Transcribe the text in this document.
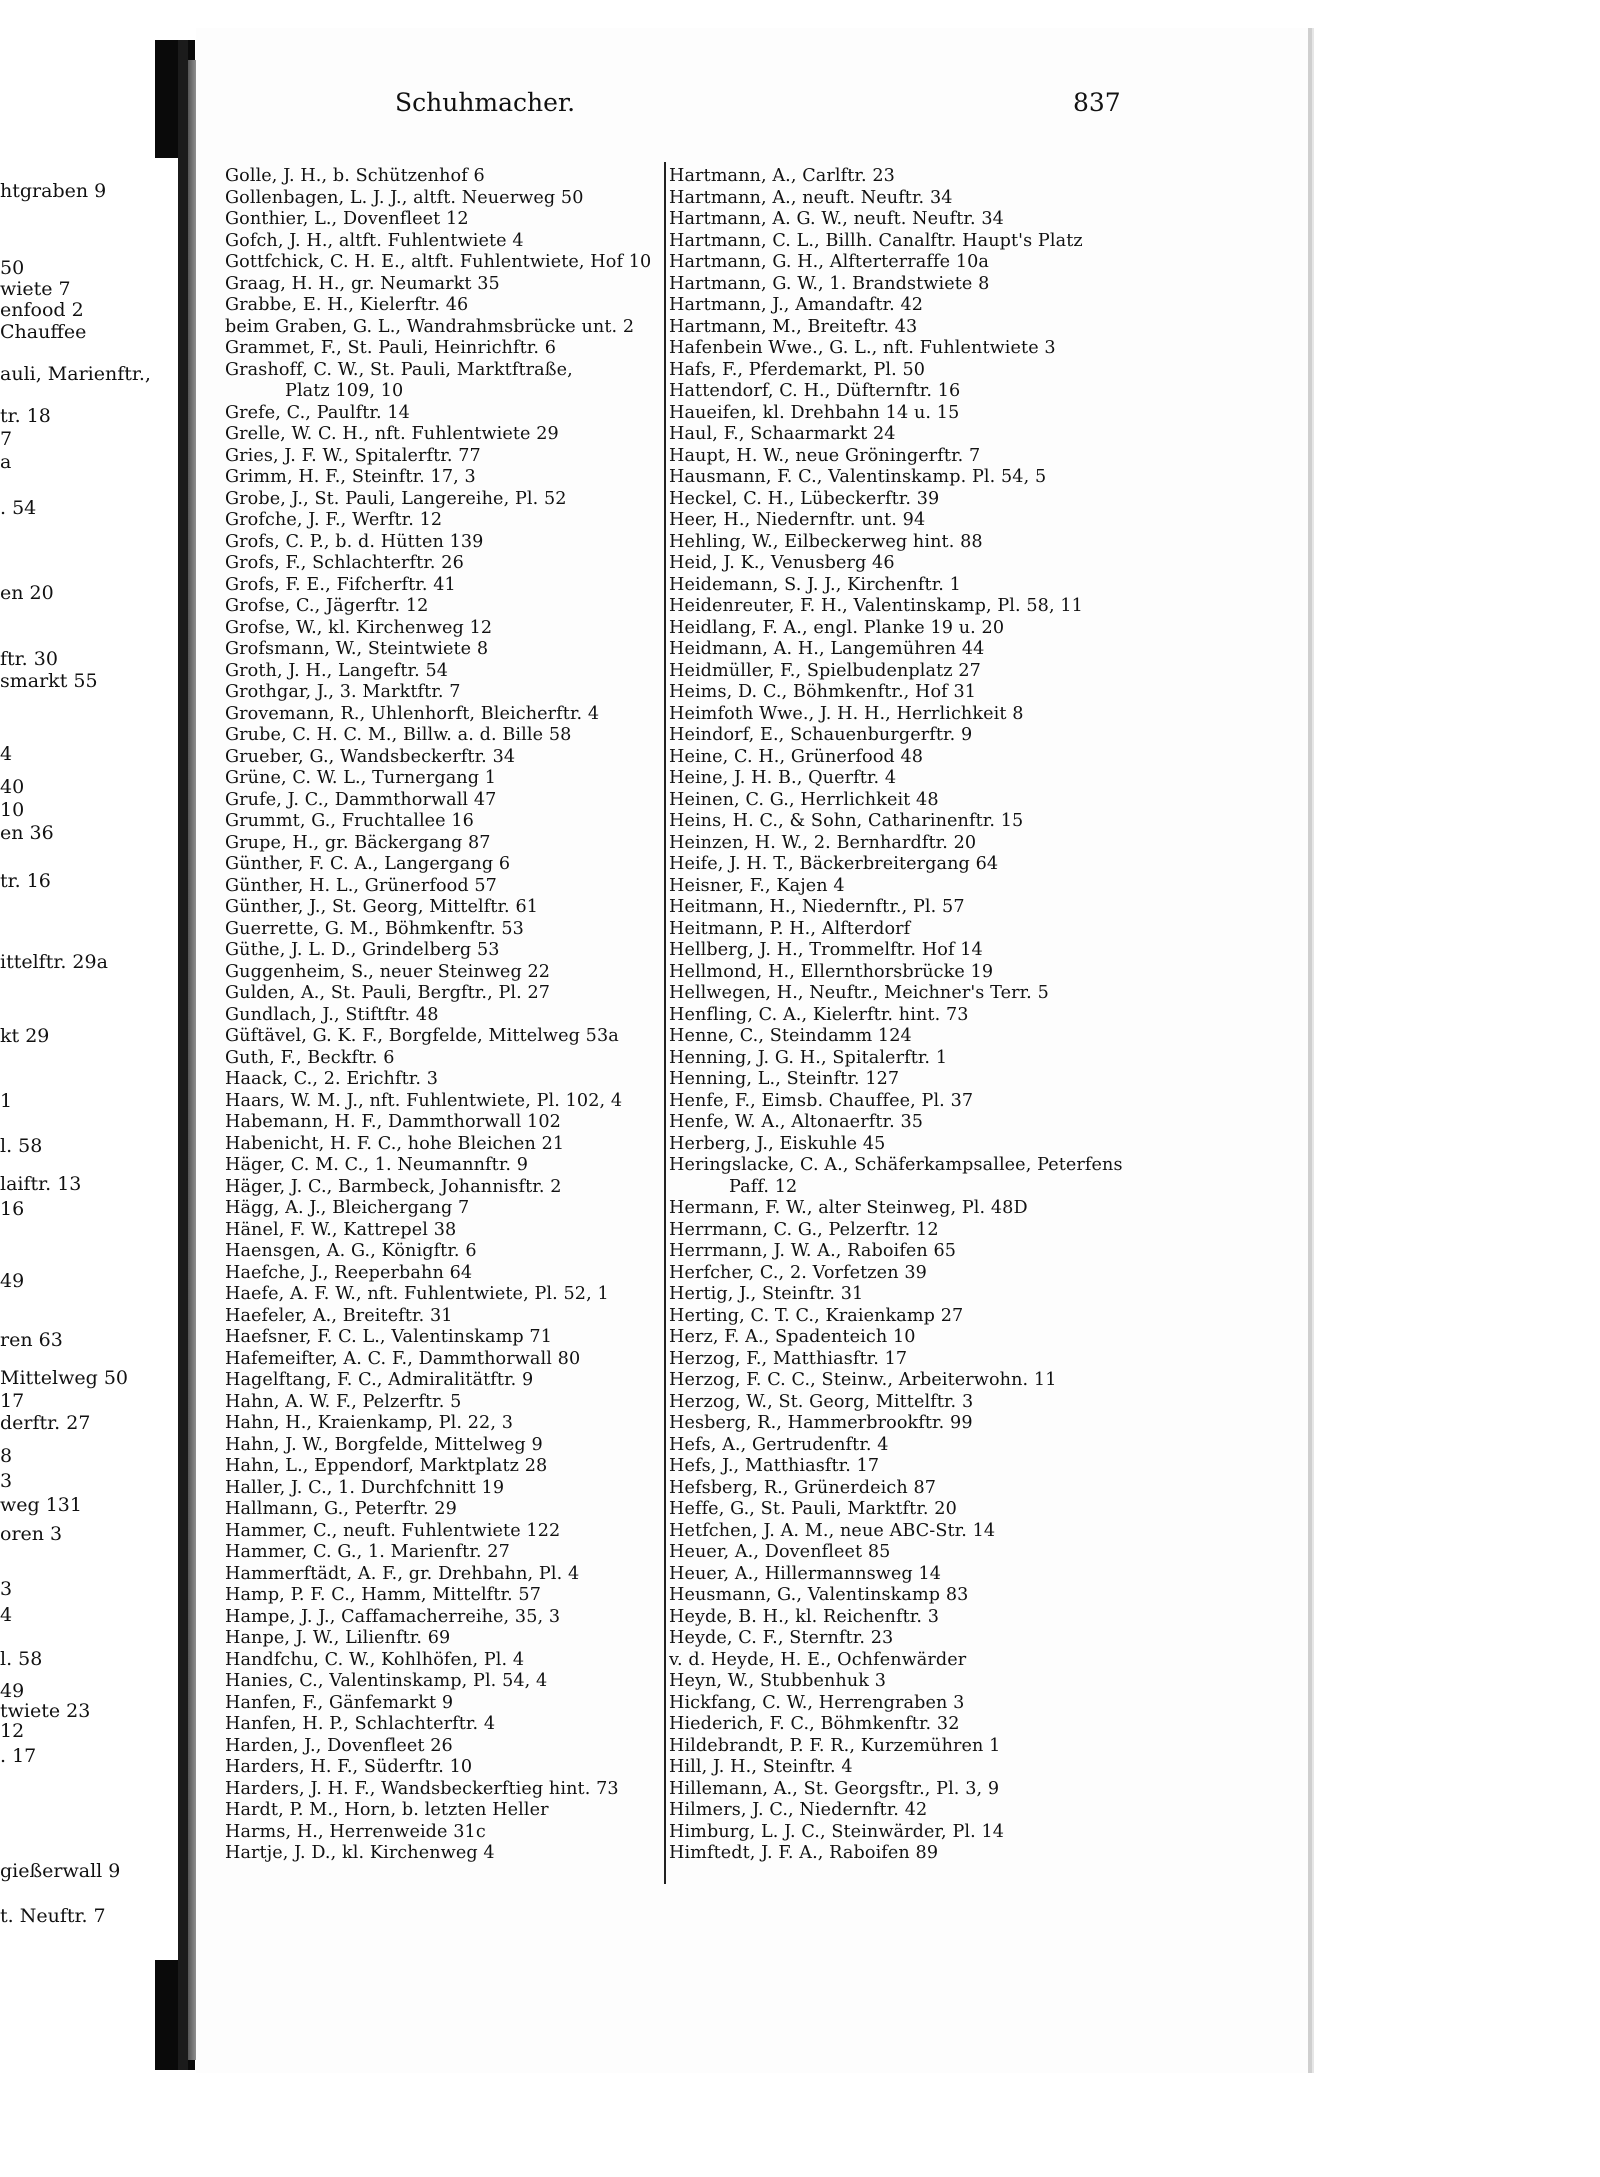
htgraben 9
50
wiete 7
enfood 2
Chauffee
auli, Marienftr.,
tr. 18
7
a
. 54
en 20
ftr. 30
smarkt 55
4
40
10
en 36
tr. 16
ittelftr. 29a
kt 29
1
l. 58
laiftr. 13
16
49
ren 63
Mittelweg 50
17
derftr. 27
8
3
weg 131
oren 3
3
4
l. 58
49
twiete 23
12
. 17
gießerwall 9
t. Neuftr. 7
Schuhmacher.	837
Golle, J. H., b. Schützenhof 6
Gollenbagen, L. J. J., altft. Neuerweg 50
Gonthier, L., Dovenfleet 12
Gofch, J. H., altft. Fuhlentwiete 4
Gottfchick, C. H. E., altft. Fuhlentwiete, Hof 10
Graag, H. H., gr. Neumarkt 35
Grabbe, E. H., Kielerftr. 46
beim Graben, G. L., Wandrahmsbrücke unt. 2
Grammet, F., St. Pauli, Heinrichftr. 6
Grashoff, C. W., St. Pauli, Marktftraße,
Platz 109, 10
Grefe, C., Paulftr. 14
Grelle, W. C. H., nft. Fuhlentwiete 29
Gries, J. F. W., Spitalerftr. 77
Grimm, H. F., Steinftr. 17, 3
Grobe, J., St. Pauli, Langereihe, Pl. 52
Grofche, J. F., Werftr. 12
Grofs, C. P., b. d. Hütten 139
Grofs, F., Schlachterftr. 26
Grofs, F. E., Fifcherftr. 41
Grofse, C., Jägerftr. 12
Grofse, W., kl. Kirchenweg 12
Grofsmann, W., Steintwiete 8
Groth, J. H., Langeftr. 54
Grothgar, J., 3. Marktftr. 7
Grovemann, R., Uhlenhorft, Bleicherftr. 4
Grube, C. H. C. M., Billw. a. d. Bille 58
Grueber, G., Wandsbeckerftr. 34
Grüne, C. W. L., Turnergang 1
Grufe, J. C., Dammthorwall 47
Grummt, G., Fruchtallee 16
Grupe, H., gr. Bäckergang 87
Günther, F. C. A., Langergang 6
Günther, H. L., Grünerfood 57
Günther, J., St. Georg, Mittelftr. 61
Guerrette, G. M., Böhmkenftr. 53
Güthe, J. L. D., Grindelberg 53
Guggenheim, S., neuer Steinweg 22
Gulden, A., St. Pauli, Bergftr., Pl. 27
Gundlach, J., Stiftftr. 48
Güftävel, G. K. F., Borgfelde, Mittelweg 53a
Guth, F., Beckftr. 6
Haack, C., 2. Erichftr. 3
Haars, W. M. J., nft. Fuhlentwiete, Pl. 102, 4
Habemann, H. F., Dammthorwall 102
Habenicht, H. F. C., hohe Bleichen 21
Häger, C. M. C., 1. Neumannftr. 9
Häger, J. C., Barmbeck, Johannisftr. 2
Hägg, A. J., Bleichergang 7
Hänel, F. W., Kattrepel 38
Haensgen, A. G., Königftr. 6
Haefche, J., Reeperbahn 64
Haefe, A. F. W., nft. Fuhlentwiete, Pl. 52, 1
Haefeler, A., Breiteftr. 31
Haefsner, F. C. L., Valentinskamp 71
Hafemeifter, A. C. F., Dammthorwall 80
Hagelftang, F. C., Admiralitätftr. 9
Hahn, A. W. F., Pelzerftr. 5
Hahn, H., Kraienkamp, Pl. 22, 3
Hahn, J. W., Borgfelde, Mittelweg 9
Hahn, L., Eppendorf, Marktplatz 28
Haller, J. C., 1. Durchfchnitt 19
Hallmann, G., Peterftr. 29
Hammer, C., neuft. Fuhlentwiete 122
Hammer, C. G., 1. Marienftr. 27
Hammerftädt, A. F., gr. Drehbahn, Pl. 4
Hamp, P. F. C., Hamm, Mittelftr. 57
Hampe, J. J., Caffamacherreihe, 35, 3
Hanpe, J. W., Lilienftr. 69
Handfchu, C. W., Kohlhöfen, Pl. 4
Hanies, C., Valentinskamp, Pl. 54, 4
Hanfen, F., Gänfemarkt 9
Hanfen, H. P., Schlachterftr. 4
Harden, J., Dovenfleet 26
Harders, H. F., Süderftr. 10
Harders, J. H. F., Wandsbeckerftieg hint. 73
Hardt, P. M., Horn, b. letzten Heller
Harms, H., Herrenweide 31c
Hartje, J. D., kl. Kirchenweg 4
Hartmann, A., Carlftr. 23
Hartmann, A., neuft. Neuftr. 34
Hartmann, A. G. W., neuft. Neuftr. 34
Hartmann, C. L., Billh. Canalftr. Haupt's Platz
Hartmann, G. H., Alfterterraffe 10a
Hartmann, G. W., 1. Brandstwiete 8
Hartmann, J., Amandaftr. 42
Hartmann, M., Breiteftr. 43
Hafenbein Wwe., G. L., nft. Fuhlentwiete 3
Hafs, F., Pferdemarkt, Pl. 50
Hattendorf, C. H., Düfternftr. 16
Haueifen, kl. Drehbahn 14 u. 15
Haul, F., Schaarmarkt 24
Haupt, H. W., neue Gröningerftr. 7
Hausmann, F. C., Valentinskamp. Pl. 54, 5
Heckel, C. H., Lübeckerftr. 39
Heer, H., Niedernftr. unt. 94
Hehling, W., Eilbeckerweg hint. 88
Heid, J. K., Venusberg 46
Heidemann, S. J. J., Kirchenftr. 1
Heidenreuter, F. H., Valentinskamp, Pl. 58, 11
Heidlang, F. A., engl. Planke 19 u. 20
Heidmann, A. H., Langemühren 44
Heidmüller, F., Spielbudenplatz 27
Heims, D. C., Böhmkenftr., Hof 31
Heimfoth Wwe., J. H. H., Herrlichkeit 8
Heindorf, E., Schauenburgerftr. 9
Heine, C. H., Grünerfood 48
Heine, J. H. B., Querftr. 4
Heinen, C. G., Herrlichkeit 48
Heins, H. C., & Sohn, Catharinenftr. 15
Heinzen, H. W., 2. Bernhardftr. 20
Heife, J. H. T., Bäckerbreitergang 64
Heisner, F., Kajen 4
Heitmann, H., Niedernftr., Pl. 57
Heitmann, P. H., Alfterdorf
Hellberg, J. H., Trommelftr. Hof 14
Hellmond, H., Ellernthorsbrücke 19
Hellwegen, H., Neuftr., Meichner's Terr. 5
Henfling, C. A., Kielerftr. hint. 73
Henne, C., Steindamm 124
Henning, J. G. H., Spitalerftr. 1
Henning, L., Steinftr. 127
Henfe, F., Eimsb. Chauffee, Pl. 37
Henfe, W. A., Altonaerftr. 35
Herberg, J., Eiskuhle 45
Heringslacke, C. A., Schäferkampsallee, Peterfens
Paff. 12
Hermann, F. W., alter Steinweg, Pl. 48D
Herrmann, C. G., Pelzerftr. 12
Herrmann, J. W. A., Raboifen 65
Herfcher, C., 2. Vorfetzen 39
Hertig, J., Steinftr. 31
Herting, C. T. C., Kraienkamp 27
Herz, F. A., Spadenteich 10
Herzog, F., Matthiasftr. 17
Herzog, F. C. C., Steinw., Arbeiterwohn. 11
Herzog, W., St. Georg, Mittelftr. 3
Hesberg, R., Hammerbrookftr. 99
Hefs, A., Gertrudenftr. 4
Hefs, J., Matthiasftr. 17
Hefsberg, R., Grünerdeich 87
Heffe, G., St. Pauli, Marktftr. 20
Hetfchen, J. A. M., neue ABC-Str. 14
Heuer, A., Dovenfleet 85
Heuer, A., Hillermannsweg 14
Heusmann, G., Valentinskamp 83
Heyde, B. H., kl. Reichenftr. 3
Heyde, C. F., Sternftr. 23
v. d. Heyde, H. E., Ochfenwärder
Heyn, W., Stubbenhuk 3
Hickfang, C. W., Herrengraben 3
Hiederich, F. C., Böhmkenftr. 32
Hildebrandt, P. F. R., Kurzemühren 1
Hill, J. H., Steinftr. 4
Hillemann, A., St. Georgsftr., Pl. 3, 9
Hilmers, J. C., Niedernftr. 42
Himburg, L. J. C., Steinwärder, Pl. 14
Himftedt, J. F. A., Raboifen 89
